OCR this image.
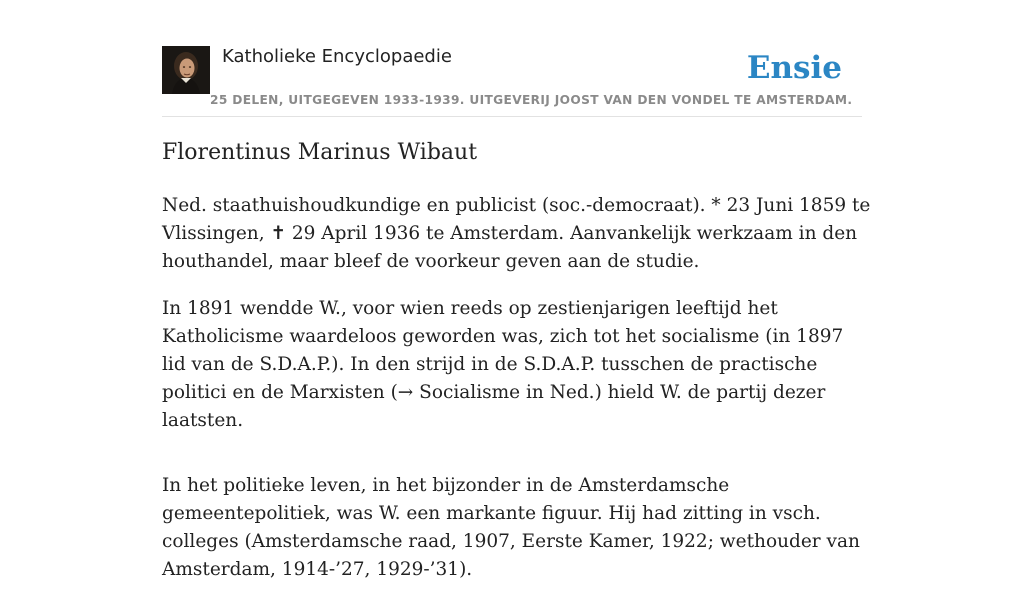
Katholieke Encyclopaedie	Ensie
25 DELEN, UITGEGEVEN 1933-1939. UITGEVERIJ JOOST VAN DEN VONDEL TE AMSTERDAM.
Florentinus Marinus Wibaut

Ned. staathuishoudkundige en publicist (soc.-democraat). * 23 Juni 1859 te Vlissingen, ✝ 29 April 1936 te Amsterdam. Aanvankelijk werkzaam in den houthandel, maar bleef de voorkeur geven aan de studie.

In 1891 wendde W., voor wien reeds op zestienjarigen leeftijd het Katholicisme waardeloos geworden was, zich tot het socialisme (in 1897 lid van de S.D.A.P.). In den strijd in de S.D.A.P. tusschen de practische politici en de Marxisten (→ Socialisme in Ned.) hield W. de partij dezer laatsten.

In het politieke leven, in het bijzonder in de Amsterdamsche gemeentepolitiek, was W. een markante figuur. Hij had zitting in vsch. colleges (Amsterdamsche raad, 1907, Eerste Kamer, 1922; wethouder van Amsterdam, 1914-’27, 1929-’31).
